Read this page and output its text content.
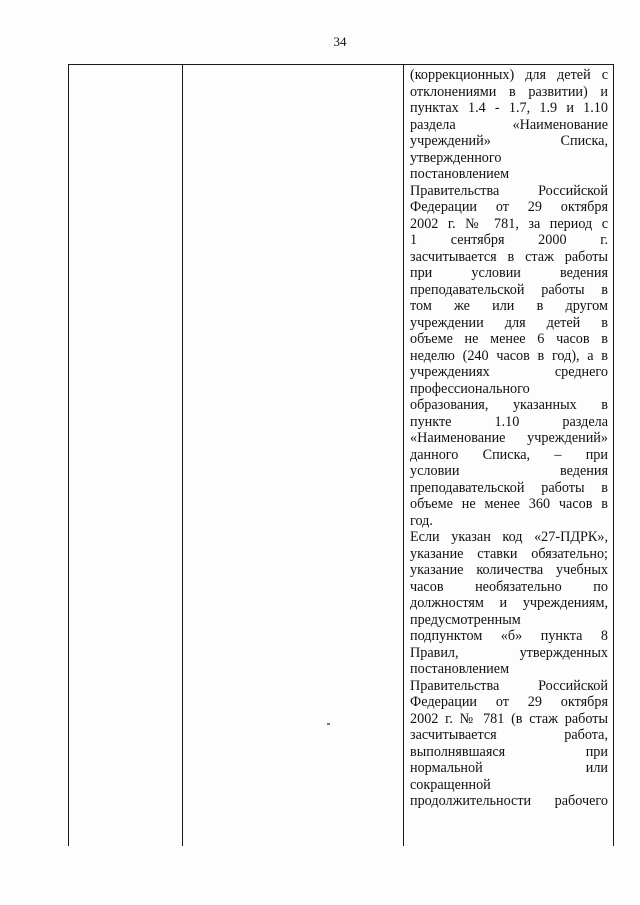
34
(коррекционных) для детей с
отклонениями в развитии) и
пунктах 1.4 - 1.7, 1.9 и 1.10
раздела «Наименование
учреждений» Списка,
утвержденного
постановлением
Правительства Российской
Федерации от 29 октября
2002 г. № 781, за период с
1 сентября 2000 г.
засчитывается в стаж работы
при условии ведения
преподавательской работы в
том же или в другом
учреждении для детей в
объеме не менее 6 часов в
неделю (240 часов в год), а в
учреждениях среднего
профессионального
образования, указанных в
пункте 1.10 раздела
«Наименование учреждений»
данного Списка, – при
условии ведения
преподавательской работы в
объеме не менее 360 часов в
год.
Если указан код «27-ПДРК»,
указание ставки обязательно;
указание количества учебных
часов необязательно по
должностям и учреждениям,
предусмотренным
подпунктом «б» пункта 8
Правил, утвержденных
постановлением
Правительства Российской
Федерации от 29 октября
2002 г. № 781 (в стаж работы
засчитывается работа,
выполнявшаяся при
нормальной или
сокращенной
продолжительности рабочего
